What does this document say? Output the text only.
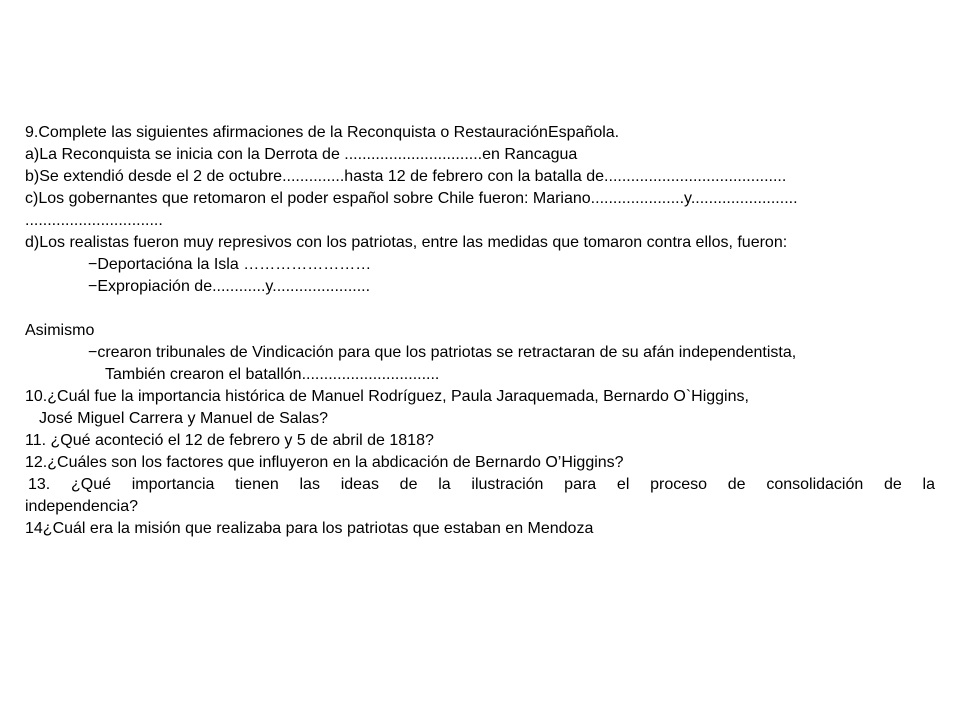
9.Complete las siguientes afirmaciones de la Reconquista o RestauraciónEspañola.
a)La Reconquista se inicia con la Derrota de ...............................en Rancagua
b)Se extendió desde el 2 de octubre..............hasta 12 de febrero con la batalla de.........................................
c)Los gobernantes que retomaron el poder español sobre Chile fueron: Mariano.....................y........................
...............................
d)Los realistas fueron muy represivos con los patriotas, entre las medidas que tomaron contra ellos, fueron:
−Deportacióna la Isla ……………………
−Expropiación de............y......................
Asimismo
−crearon tribunales de Vindicación para que los patriotas se retractaran de su afán independentista,
También crearon el batallón...............................
10.¿Cuál fue la importancia histórica de Manuel Rodríguez, Paula Jaraquemada, Bernardo O`Higgins,
José Miguel Carrera y Manuel de Salas?
11. ¿Qué aconteció el 12 de febrero y 5 de abril de 1818?
12.¿Cuáles son los factores que influyeron en la abdicación de Bernardo O’Higgins?
13. ¿Qué importancia tienen las ideas de la ilustración para el proceso de consolidación de la
independencia?
14¿Cuál era la misión que realizaba para los patriotas que estaban en Mendoza
